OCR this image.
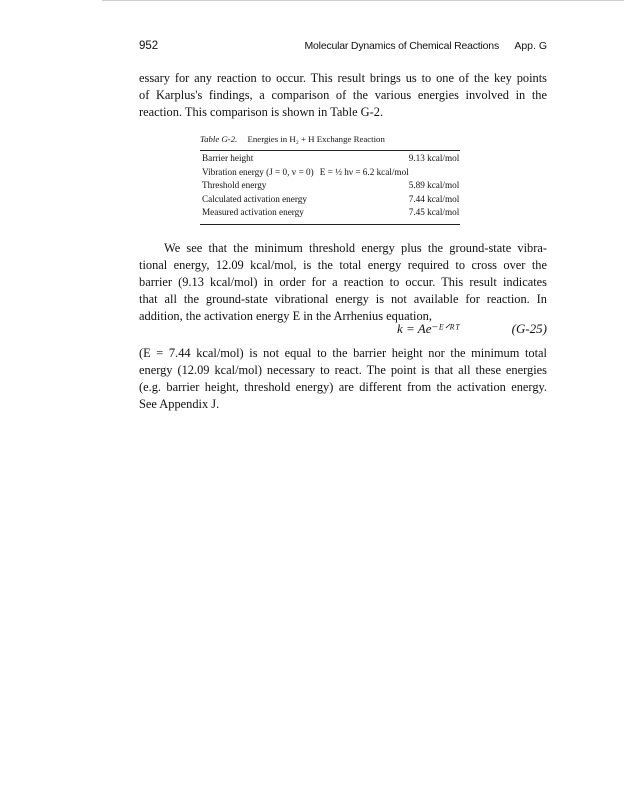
952	Molecular Dynamics of Chemical Reactions App. G
essary for any reaction to occur. This result brings us to one of the key points
of Karplus's findings, a comparison of the various energies involved in the
reaction. This comparison is shown in Table G-2.
Table G-2. Energies in H₂ + H Exchange Reaction
Barrier height		9.13 kcal/mol
Vibration energy (J = 0, v = 0)	E = ½ hν = 6.2 kcal/mol	
Threshold energy		5.89 kcal/mol
Calculated activation energy		7.44 kcal/mol
Measured activation energy		7.45 kcal/mol
We see that the minimum threshold energy plus the ground-state vibra-
tional energy, 12.09 kcal/mol, is the total energy required to cross over the
barrier (9.13 kcal/mol) in order for a reaction to occur. This result indicates
that all the ground-state vibrational energy is not available for reaction. In
addition, the activation energy E in the Arrhenius equation,
k = Ae⁻ᴱᐟᴿᵀ	(G-25)
(E = 7.44 kcal/mol) is not equal to the barrier height nor the minimum total
energy (12.09 kcal/mol) necessary to react. The point is that all these energies
(e.g. barrier height, threshold energy) are different from the activation energy.
See Appendix J.
